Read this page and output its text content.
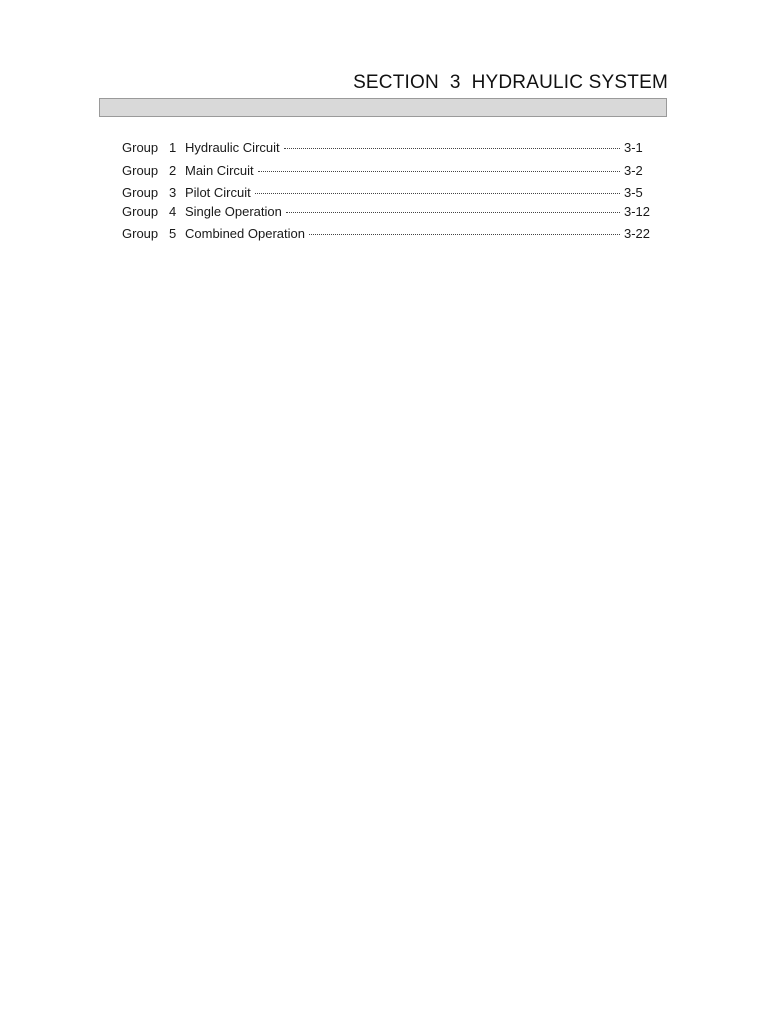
SECTION  3  HYDRAULIC SYSTEM
Group 1 Hydraulic Circuit	3-1
Group 2 Main Circuit	3-2
Group 3 Pilot Circuit	3-5
Group 4 Single Operation	3-12
Group 5 Combined Operation	3-22
